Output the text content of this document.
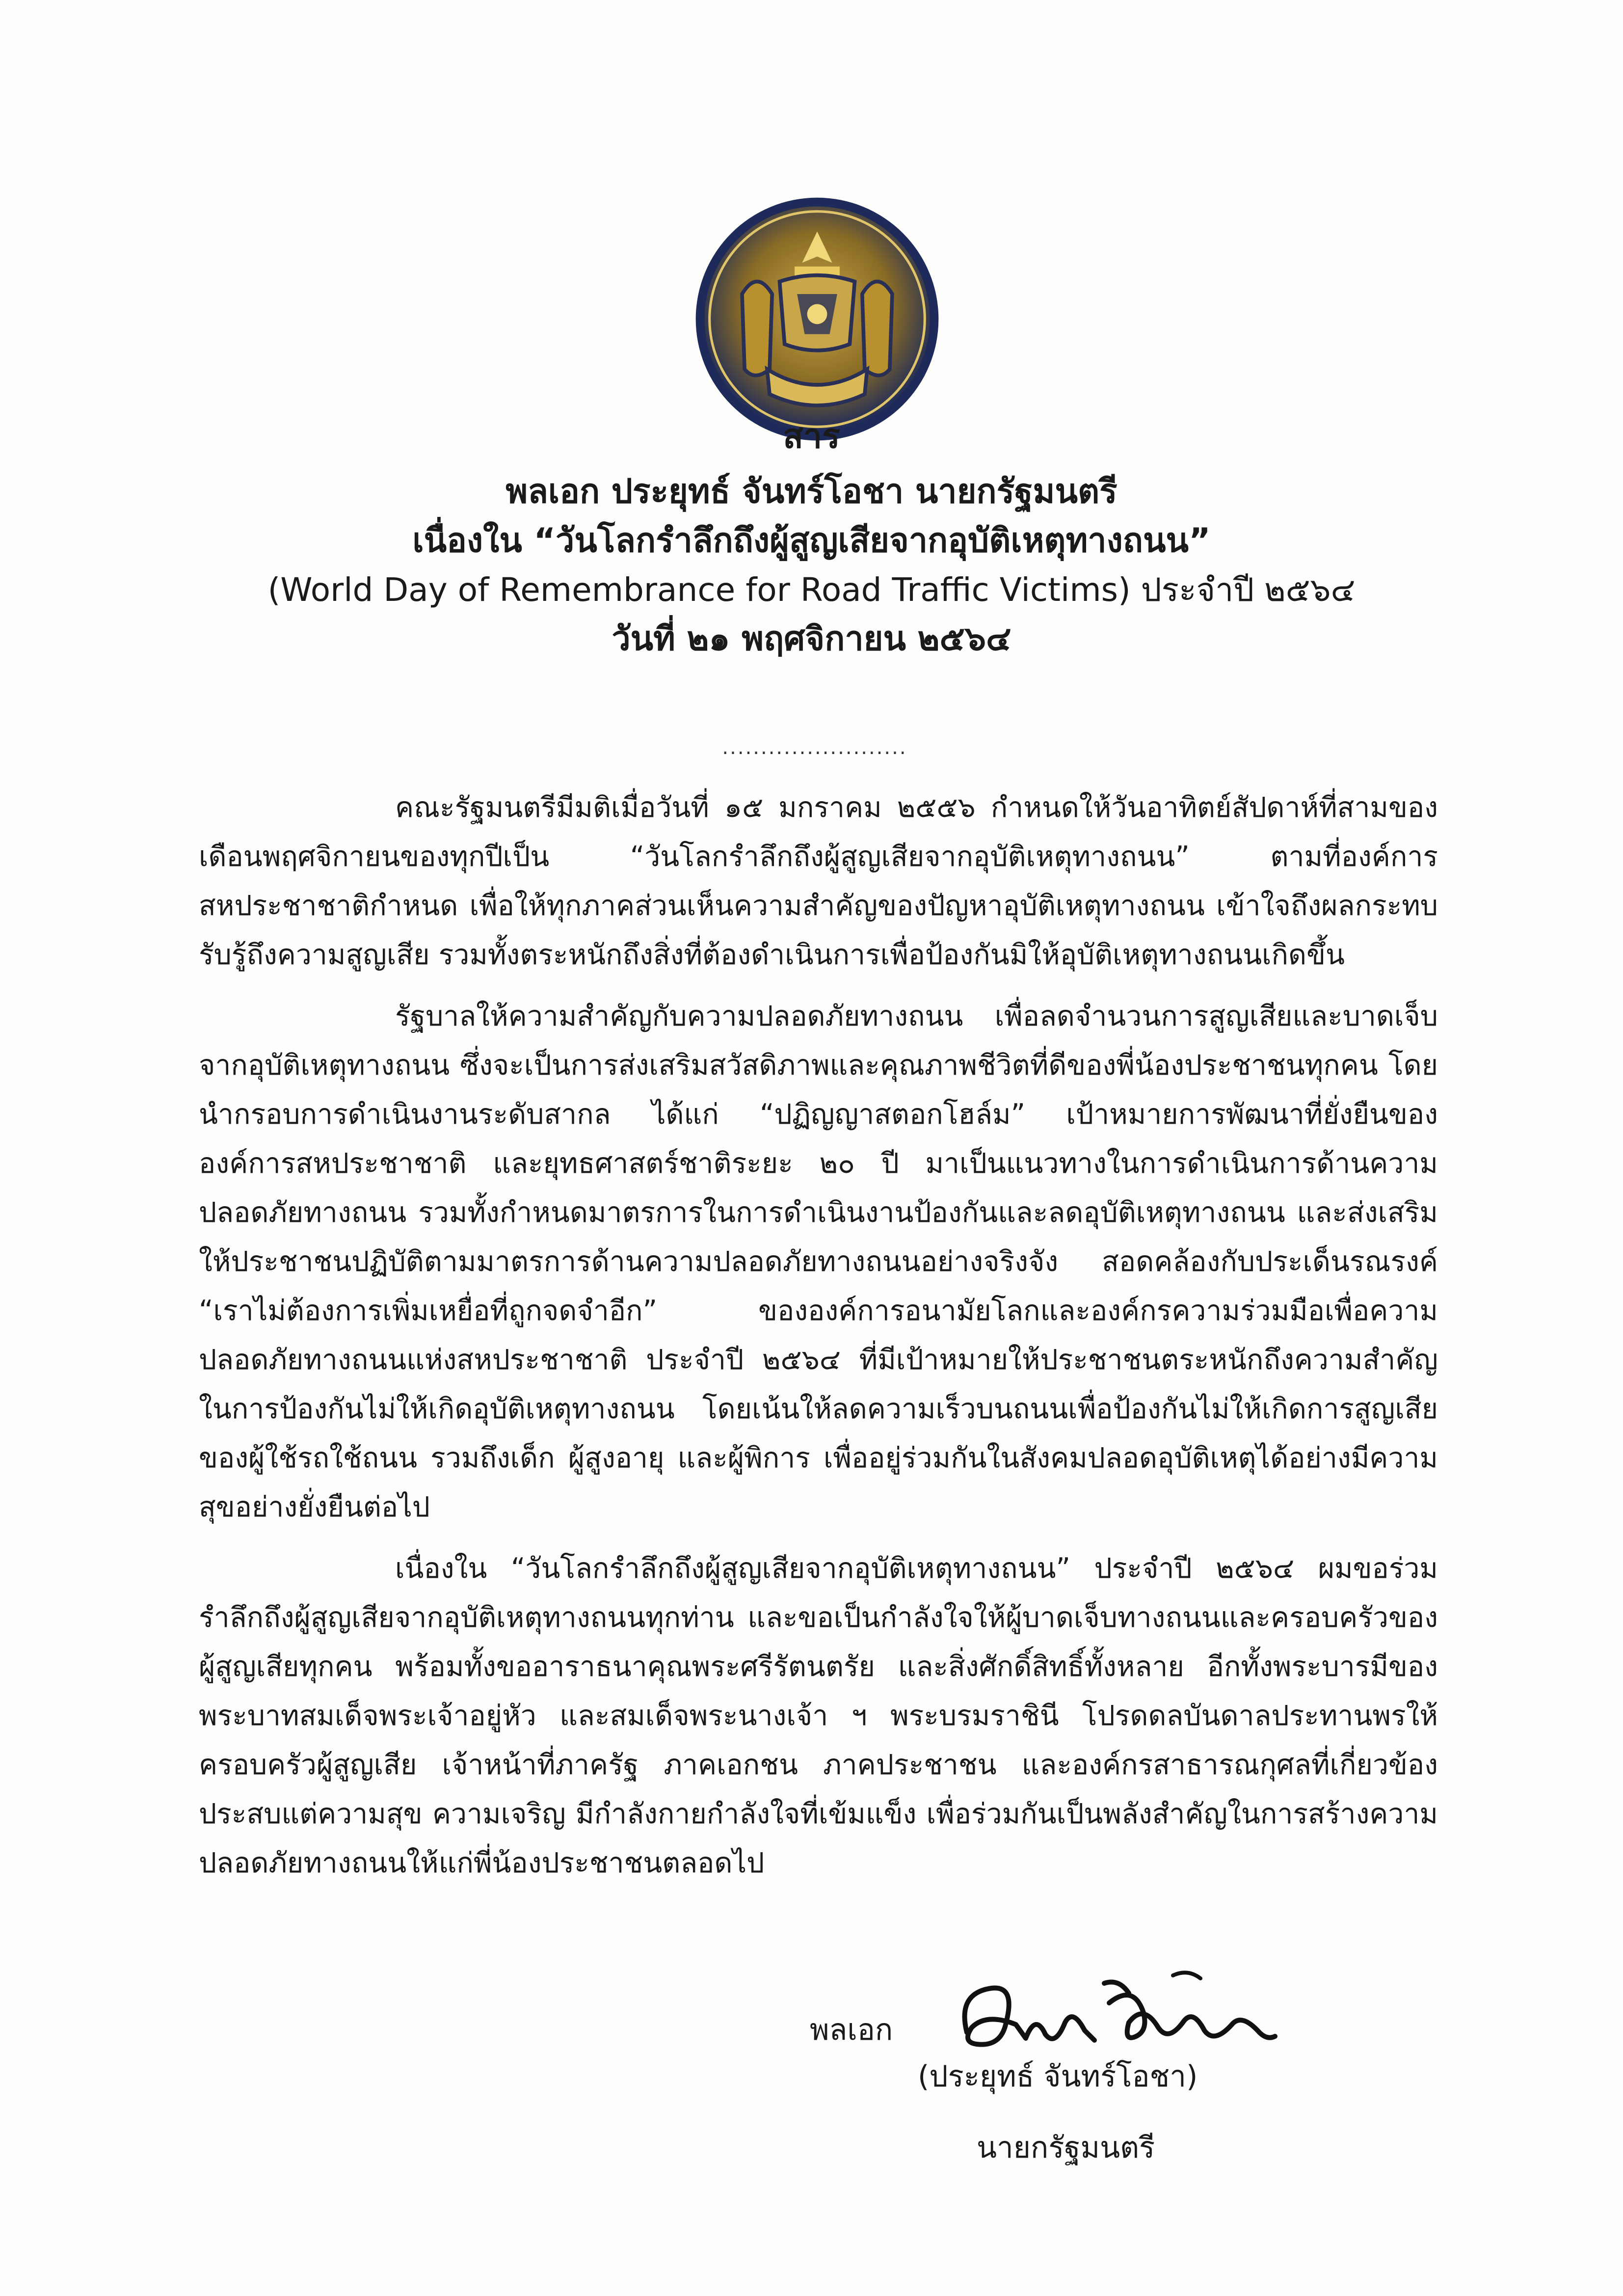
สาร
พลเอก ประยุทธ์ จันทร์โอชา นายกรัฐมนตรี
เนื่องใน “วันโลกรำลึกถึงผู้สูญเสียจากอุบัติเหตุทางถนน”
(World Day of Remembrance for Road Traffic Victims) ประจำปี ๒๕๖๔
วันที่ ๒๑ พฤศจิกายน ๒๕๖๔
........................

คณะรัฐมนตรีมีมติเมื่อวันที่ ๑๕ มกราคม ๒๕๕๖ กำหนดให้วันอาทิตย์สัปดาห์ที่สามของเดือนพฤศจิกายนของทุกปีเป็น “วันโลกรำลึกถึงผู้สูญเสียจากอุบัติเหตุทางถนน” ตามที่องค์การสหประชาชาติกำหนด เพื่อให้ทุกภาคส่วนเห็นความสำคัญของปัญหาอุบัติเหตุทางถนน เข้าใจถึงผลกระทบ รับรู้ถึงความสูญเสีย รวมทั้งตระหนักถึงสิ่งที่ต้องดำเนินการเพื่อป้องกันมิให้อุบัติเหตุทางถนนเกิดขึ้น

รัฐบาลให้ความสำคัญกับความปลอดภัยทางถนน เพื่อลดจำนวนการสูญเสียและบาดเจ็บจากอุบัติเหตุทางถนน ซึ่งจะเป็นการส่งเสริมสวัสดิภาพและคุณภาพชีวิตที่ดีของพี่น้องประชาชนทุกคน โดยนำกรอบการดำเนินงานระดับสากล ได้แก่ “ปฏิญญาสตอกโฮล์ม” เป้าหมายการพัฒนาที่ยั่งยืนขององค์การสหประชาชาติ และยุทธศาสตร์ชาติระยะ ๒๐ ปี มาเป็นแนวทางในการดำเนินการด้านความปลอดภัยทางถนน รวมทั้งกำหนดมาตรการในการดำเนินงานป้องกันและลดอุบัติเหตุทางถนน และส่งเสริมให้ประชาชนปฏิบัติตามมาตรการด้านความปลอดภัยทางถนนอย่างจริงจัง สอดคล้องกับประเด็นรณรงค์ “เราไม่ต้องการเพิ่มเหยื่อที่ถูกจดจำอีก” ขององค์การอนามัยโลกและองค์กรความร่วมมือเพื่อความปลอดภัยทางถนนแห่งสหประชาชาติ ประจำปี ๒๕๖๔ ที่มีเป้าหมายให้ประชาชนตระหนักถึงความสำคัญในการป้องกันไม่ให้เกิดอุบัติเหตุทางถนน โดยเน้นให้ลดความเร็วบนถนนเพื่อป้องกันไม่ให้เกิดการสูญเสียของผู้ใช้รถใช้ถนน รวมถึงเด็ก ผู้สูงอายุ และผู้พิการ เพื่ออยู่ร่วมกันในสังคมปลอดอุบัติเหตุได้อย่างมีความสุขอย่างยั่งยืนต่อไป

เนื่องใน “วันโลกรำลึกถึงผู้สูญเสียจากอุบัติเหตุทางถนน” ประจำปี ๒๕๖๔ ผมขอร่วมรำลึกถึงผู้สูญเสียจากอุบัติเหตุทางถนนทุกท่าน และขอเป็นกำลังใจให้ผู้บาดเจ็บทางถนนและครอบครัวของผู้สูญเสียทุกคน พร้อมทั้งขออาราธนาคุณพระศรีรัตนตรัย และสิ่งศักดิ์สิทธิ์ทั้งหลาย อีกทั้งพระบารมีของพระบาทสมเด็จพระเจ้าอยู่หัว และสมเด็จพระนางเจ้า ฯ พระบรมราชินี โปรดดลบันดาลประทานพรให้ครอบครัวผู้สูญเสีย เจ้าหน้าที่ภาครัฐ ภาคเอกชน ภาคประชาชน และองค์กรสาธารณกุศลที่เกี่ยวข้อง ประสบแต่ความสุข ความเจริญ มีกำลังกายกำลังใจที่เข้มแข็ง เพื่อร่วมกันเป็นพลังสำคัญในการสร้างความปลอดภัยทางถนนให้แก่พี่น้องประชาชนตลอดไป

พลเอก
(ประยุทธ์ จันทร์โอชา)
นายกรัฐมนตรี
